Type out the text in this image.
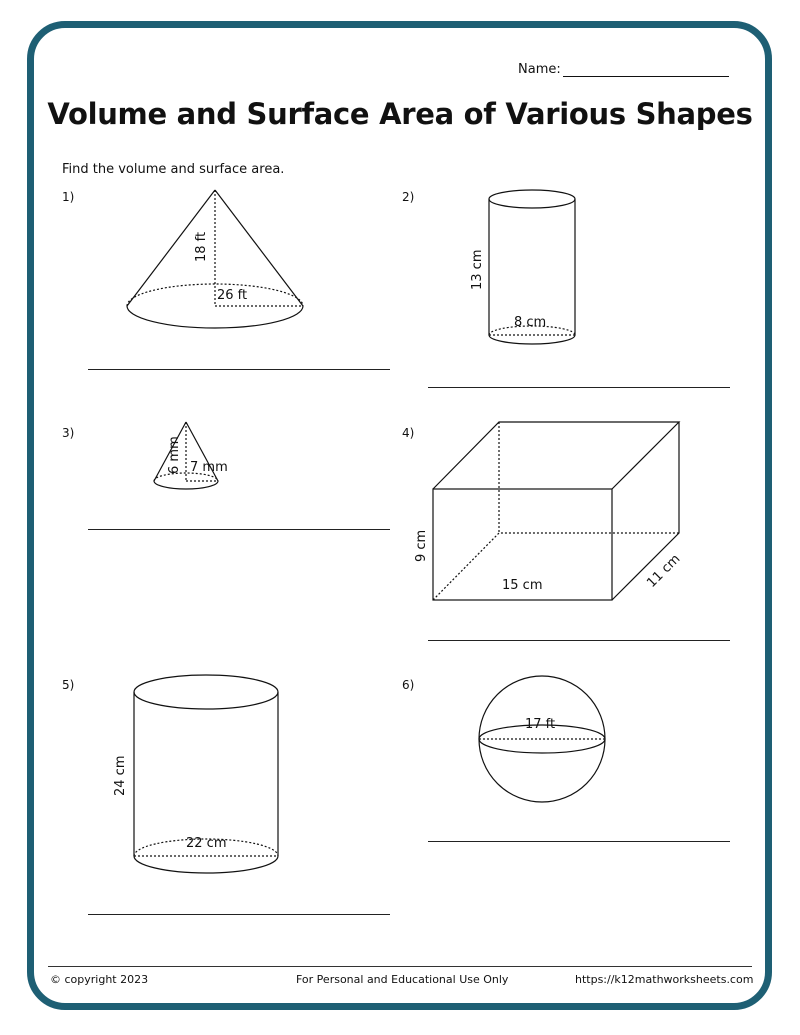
Name:
Volume and Surface Area of Various Shapes
Find the volume and surface area.
1)	2)
3)	4)
5)	6)
18 ft
26 ft
13 cm
8 cm
6 mm 7 mm
9 cm
15 cm	11 cm
24 cm
22 cm
17 ft
© copyright 2023	For Personal and Educational Use Only	https://k12mathworksheets.com
